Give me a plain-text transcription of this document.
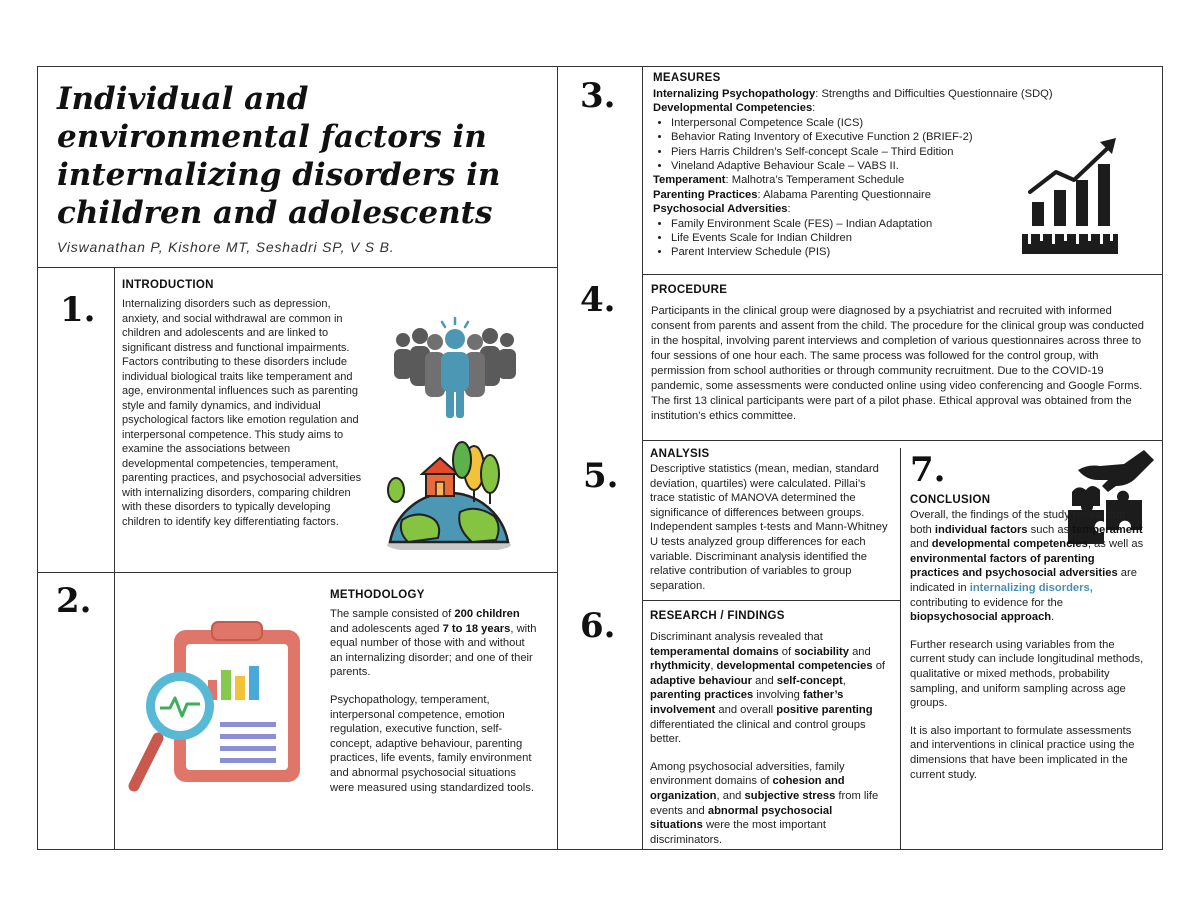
Individual and environmental factors in internalizing disorders in children and adolescents
Viswanathan P, Kishore MT, Seshadri SP, V S B.
1.
INTRODUCTION
Internalizing disorders such as depression, anxiety, and social withdrawal are common in children and adolescents and are linked to significant distress and functional impairments. Factors contributing to these disorders include individual biological traits like temperament and age, environmental influences such as parenting style and family dynamics, and individual psychological factors like emotion regulation and interpersonal competence. This study aims to examine the associations between developmental competencies, temperament, parenting practices, and psychosocial adversities with internalizing disorders, comparing children with these disorders to typically developing children to identify key differentiating factors.
2.	METHODOLOGY

The sample consisted of 200 children and adolescents aged 7 to 18 years, with equal number of those with and without an internalizing disorder; and one of their parents.

Psychopathology, temperament, interpersonal competence, emotion regulation, executive function, self-concept, adaptive behaviour, parenting practices, life events, family environment and abnormal psychosocial situations were measured using standardized tools.

3.	MEASURES
Internalizing Psychopathology: Strengths and Difficulties Questionnaire (SDQ)
Developmental Competencies:
• Interpersonal Competence Scale (ICS)
• Behavior Rating Inventory of Executive Function 2 (BRIEF-2)
• Piers Harris Children’s Self-concept Scale – Third Edition
• Vineland Adaptive Behaviour Scale – VABS II.
Temperament: Malhotra’s Temperament Schedule
Parenting Practices: Alabama Parenting Questionnaire
Psychosocial Adversities:
• Family Environment Scale (FES) – Indian Adaptation
• Life Events Scale for Indian Children
• Parent Interview Schedule (PIS)
4.	PROCEDURE
Participants in the clinical group were diagnosed by a psychiatrist and recruited with informed consent from parents and assent from the child. The procedure for the clinical group was conducted in the hospital, involving parent interviews and completion of various questionnaires across three to four sessions of one hour each. The same process was followed for the control group, with permission from school authorities or through community recruitment. Due to the COVID-19 pandemic, some assessments were conducted online using video conferencing and Google Forms. The first 13 clinical participants were part of a pilot phase. Ethical approval was obtained from the institution's ethics committee.
5.
ANALYSIS
Descriptive statistics (mean, median, standard deviation, quartiles) were calculated. Pillai’s trace statistic of MANOVA determined the significance of differences between groups. Independent samples t-tests and Mann-Whitney U tests analyzed group differences for each variable. Discriminant analysis identified the relative contribution of variables to group separation.
6.	RESEARCH / FINDINGS

Discriminant analysis revealed that temperamental domains of sociability and rhythmicity, developmental competencies of adaptive behaviour and self-concept, parenting practices involving father’s involvement and overall positive parenting differentiated the clinical and control groups better.

Among psychosocial adversities, family environment domains of cohesion and organization, and subjective stress from life events and abnormal psychosocial situations were the most important discriminators.

7.
CONCLUSION

Overall, the findings of the study reveal that both individual factors such as temperament and developmental competencies, as well as environmental factors of parenting practices and psychosocial adversities are indicated in internalizing disorders, contributing to evidence for the biopsychosocial approach.

Further research using variables from the current study can include longitudinal methods, qualitative or mixed methods, probability sampling, and uniform sampling across age groups.

It is also important to formulate assessments and interventions in clinical practice using the dimensions that have been implicated in the current study.
